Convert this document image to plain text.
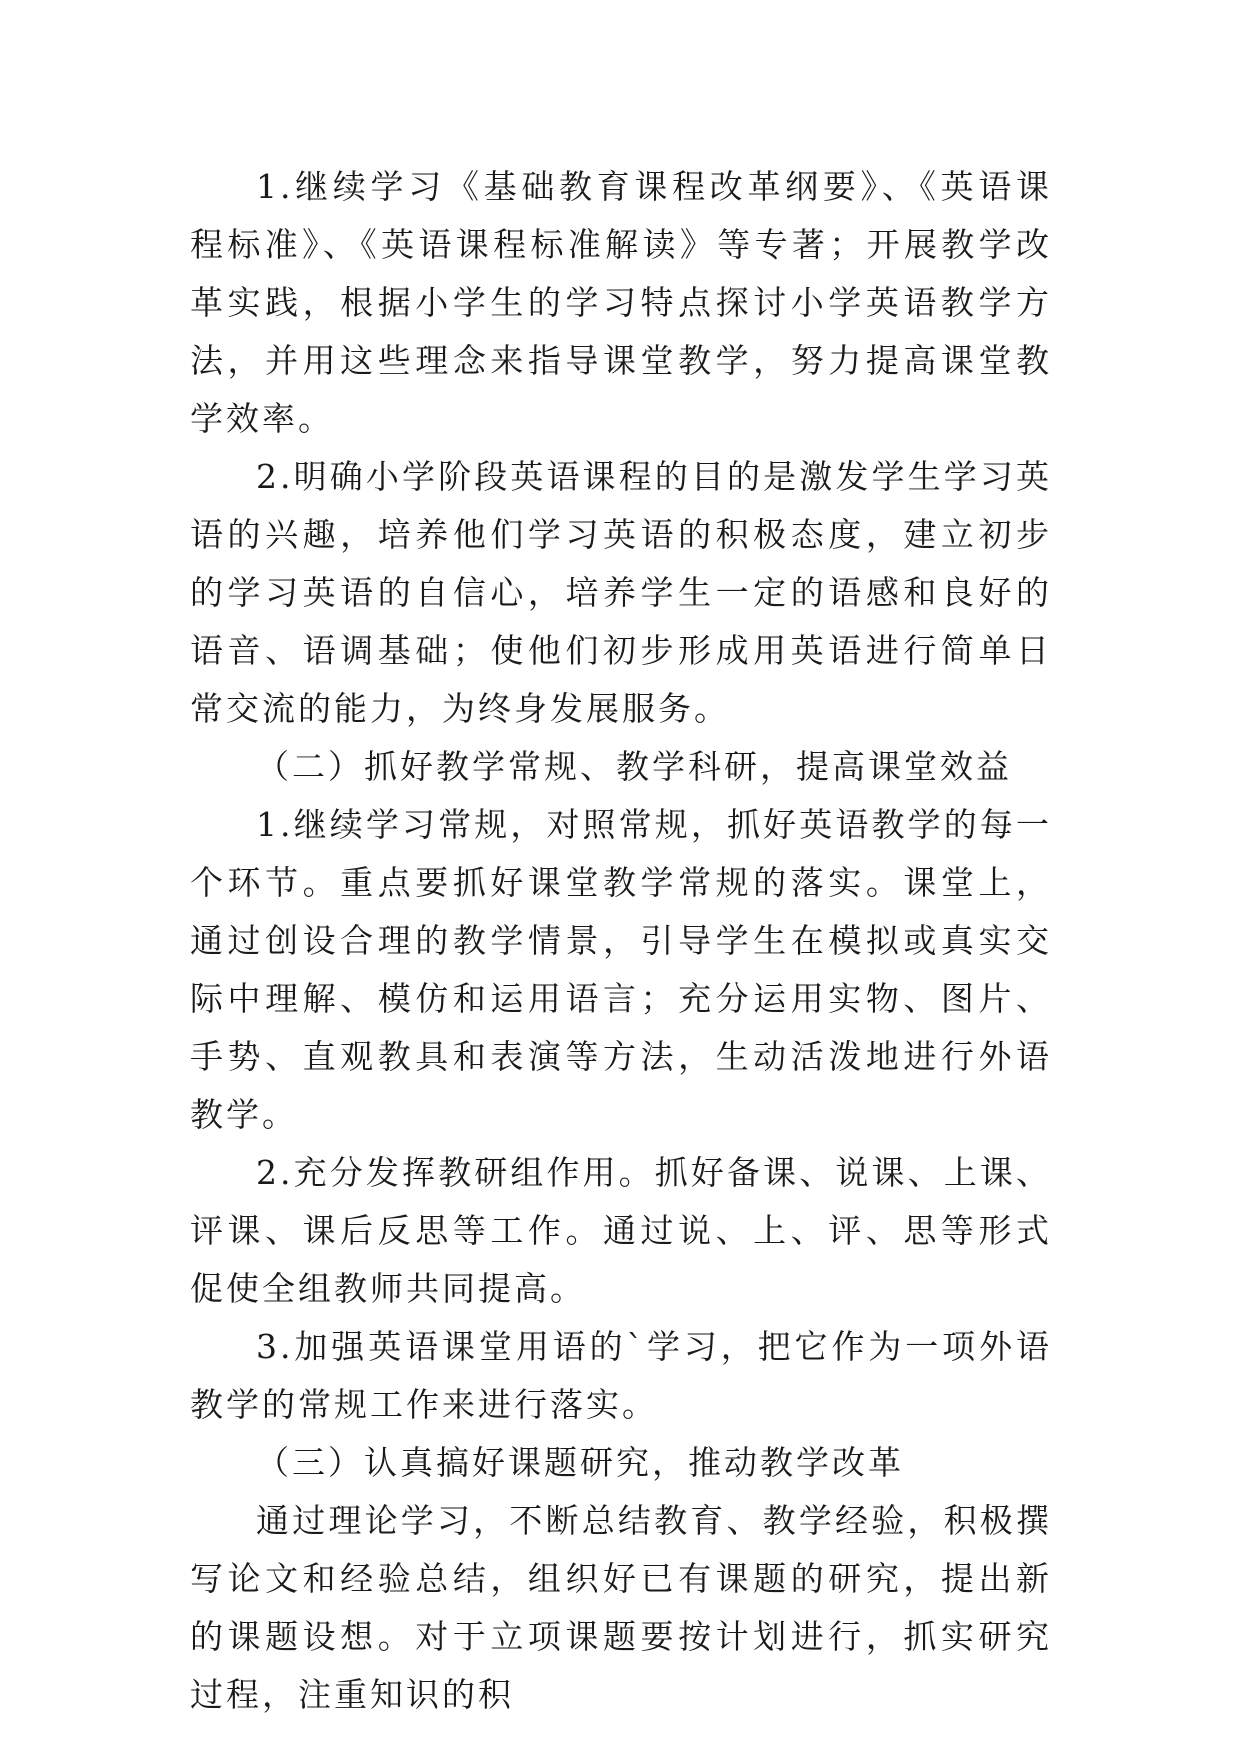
1.继续学习《基础教育课程改革纲要》、《英语课程标准》、《英语课程标准解读》等专著；开展教学改革实践，根据小学生的学习特点探讨小学英语教学方法，并用这些理念来指导课堂教学，努力提高课堂教学效率。

2.明确小学阶段英语课程的目的是激发学生学习英语的兴趣，培养他们学习英语的积极态度，建立初步的学习英语的自信心，培养学生一定的语感和良好的语音、语调基础；使他们初步形成用英语进行简单日常交流的能力，为终身发展服务。

（二）抓好教学常规、教学科研，提高课堂效益

1.继续学习常规，对照常规，抓好英语教学的每一个环节。重点要抓好课堂教学常规的落实。课堂上，通过创设合理的教学情景，引导学生在模拟或真实交际中理解、模仿和运用语言；充分运用实物、图片、手势、直观教具和表演等方法，生动活泼地进行外语教学。

2.充分发挥教研组作用。抓好备课、说课、上课、评课、课后反思等工作。通过说、上、评、思等形式促使全组教师共同提高。

3.加强英语课堂用语的`学习，把它作为一项外语教学的常规工作来进行落实。

（三）认真搞好课题研究，推动教学改革

通过理论学习，不断总结教育、教学经验，积极撰写论文和经验总结，组织好已有课题的研究，提出新的课题设想。对于立项课题要按计划进行，抓实研究过程，注重知识的积
